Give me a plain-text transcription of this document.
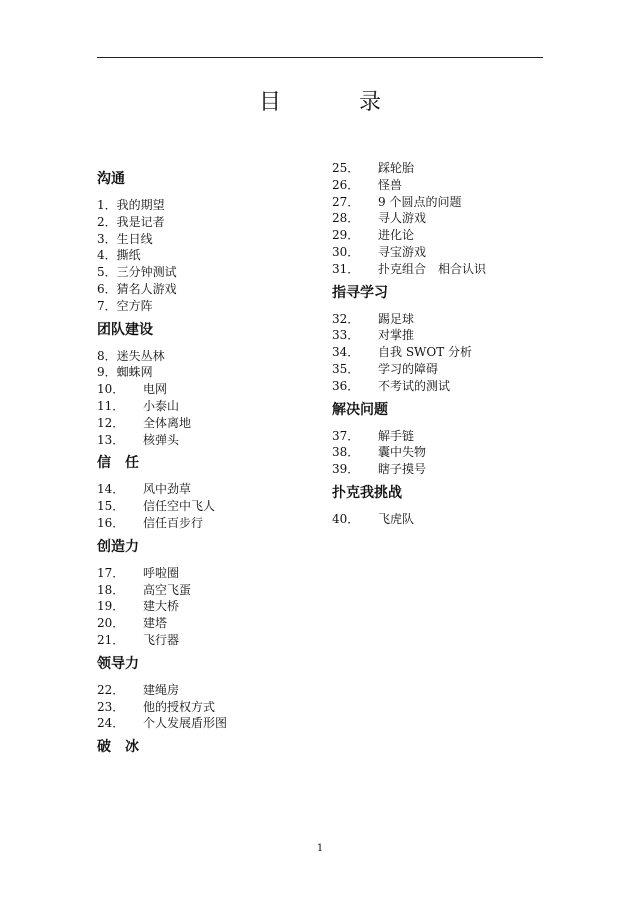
目　录
沟通
1．我的期望
2．我是记者
3．生日线
4．撕纸
5．三分钟测试
6．猜名人游戏
7．空方阵
团队建设
8．迷失丛林
9．蜘蛛网
10． 电网
11． 小泰山
12． 全体离地
13． 核弹头
信　任
14． 风中劲草
15． 信任空中飞人
16． 信任百步行
创造力
17． 呼啦圈
18． 高空飞蛋
19． 建大桥
20． 建塔
21． 飞行器
领导力
22． 建绳房
23． 他的授权方式
24． 个人发展盾形图
破　冰
25． 踩轮胎
26． 怪兽
27． 9 个圆点的问题
28． 寻人游戏
29． 进化论
30． 寻宝游戏
31． 扑克组合　相合认识
指寻学习
32． 踢足球
33． 对掌推
34． 自我 SWOT 分析
35． 学习的障碍
36． 不考试的测试
解决问题
37． 解手链
38． 囊中失物
39． 瞎子摸号
扑克我挑战
40． 飞虎队
1
